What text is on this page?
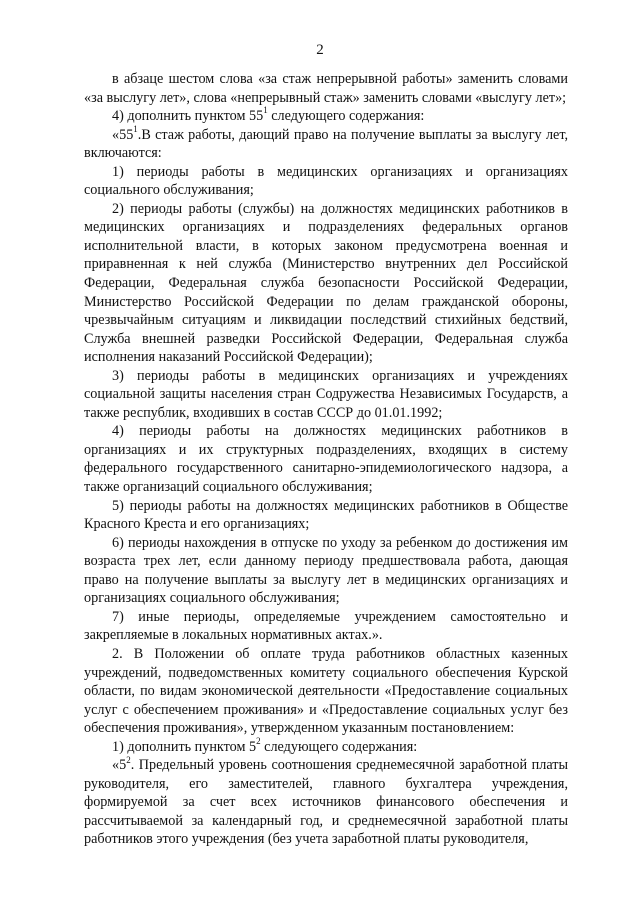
2

в абзаце шестом слова «за стаж непрерывной работы» заменить словами «за выслугу лет», слова «непрерывный стаж» заменить словами «выслугу лет»;

4) дополнить пунктом $55^1$ следующего содержания:

«$55^1.В$ стаж работы, дающий право на получение выплаты за выслугу лет, включаются:

1) периоды работы в медицинских организациях и организациях социального обслуживания;

2) периоды работы (службы) на должностях медицинских работников в медицинских организациях и подразделениях федеральных органов исполнительной власти, в которых законом предусмотрена военная и приравненная к ней служба (Министерство внутренних дел Российской Федерации, Федеральная служба безопасности Российской Федерации, Министерство Российской Федерации по делам гражданской обороны, чрезвычайным ситуациям и ликвидации последствий стихийных бедствий, Служба внешней разведки Российской Федерации, Федеральная служба исполнения наказаний Российской Федерации);

3) периоды работы в медицинских организациях и учреждениях социальной защиты населения стран Содружества Независимых Государств, а также республик, входивших в состав СССР до 01.01.1992;

4) периоды работы на должностях медицинских работников в организациях и их структурных подразделениях, входящих в систему федерального государственного санитарно-эпидемиологического надзора, а также организаций социального обслуживания;

5) периоды работы на должностях медицинских работников в Обществе Красного Креста и его организациях;

6) периоды нахождения в отпуске по уходу за ребенком до достижения им возраста трех лет, если данному периоду предшествовала работа, дающая право на получение выплаты за выслугу лет в медицинских организациях и организациях социального обслуживания;

7) иные периоды, определяемые учреждением самостоятельно и закрепляемые в локальных нормативных актах.».

2. В Положении об оплате труда работников областных казенных учреждений, подведомственных комитету социального обеспечения Курской области, по видам экономической деятельности «Предоставление социальных услуг с обеспечением проживания» и «Предоставление социальных услуг без обеспечения проживания», утвержденном указанным постановлением:

1) дополнить пунктом $5^2$ следующего содержания:

«$5^2$. Предельный уровень соотношения среднемесячной заработной платы руководителя, его заместителей, главного бухгалтера учреждения, формируемой за счет всех источников финансового обеспечения и рассчитываемой за календарный год, и среднемесячной заработной платы работников этого учреждения (без учета заработной платы руководителя,
